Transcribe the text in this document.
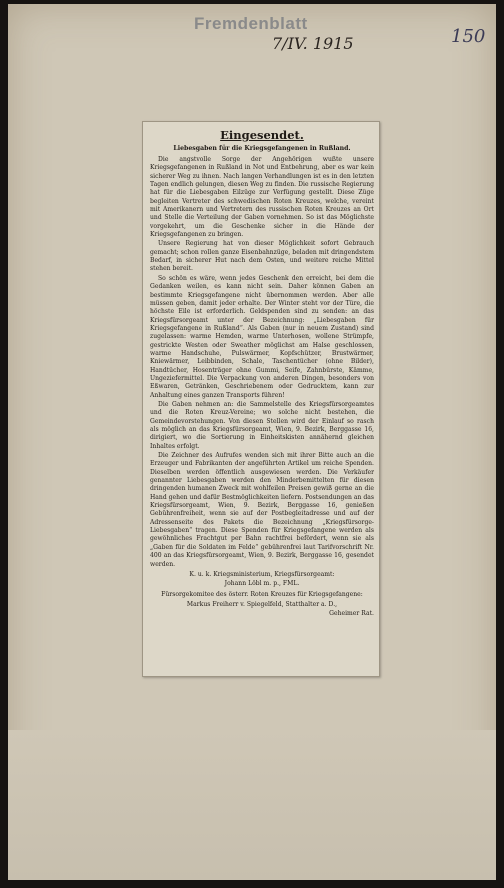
Fremdenblatt
7/IV. 1915	150
Eingesendet.
Liebesgaben für die Kriegsgefangenen in Rußland.

Die angstvolle Sorge der Angehörigen wußte unsere Kriegsgefangenen in Rußland in Not und Entbehrung, aber es war kein sicherer Weg zu ihnen. Nach langen Verhandlungen ist es in den letzten Tagen endlich gelungen, diesen Weg zu finden. Die russische Regierung hat für die Liebesgaben Eilzüge zur Verfügung gestellt. Diese Züge begleiten Vertreter des schwedischen Roten Kreuzes, welche, vereint mit Amerikanern und Vertretern des russischen Roten Kreuzes an Ort und Stelle die Verteilung der Gaben vornehmen. So ist das Möglichste vorgekehrt, um die Geschenke sicher in die Hände der Kriegsgefangenen zu bringen.

Unsere Regierung hat von dieser Möglichkeit sofort Gebrauch gemacht; schon rollen ganze Eisenbahnzüge, beladen mit dringendstem Bedarf, in sicherer Hut nach dem Osten, und weitere reiche Mittel stehen bereit.

So schön es wäre, wenn jedes Geschenk den erreicht, bei dem die Gedanken weilen, es kann nicht sein. Daher können Gaben an bestimmte Kriegsgefangene nicht übernommen werden. Aber alle müssen geben, damit jeder erhalte. Der Winter steht vor der Türe, die höchste Eile ist erforderlich. Geldspenden sind zu senden: an das Kriegsfürsorgeamt unter der Bezeichnung: „Liebesgaben für Kriegsgefangene in Rußland“. Als Gaben (nur in neuem Zustand) sind zugelassen: warme Hemden, warme Unterhosen, wollene Strümpfe, gestrickte Westen oder Sweather möglichst am Halse geschlossen, warme Handschuhe, Pulswärmer, Kopfschützer, Brustwärmer, Kniewärmer, Leibbinden, Schale, Taschentücher (ohne Bilder), Handtücher, Hosenträger ohne Gummi, Seife, Zahnbürste, Kämme, Ungeziefermittel. Die Verpackung von anderen Dingen, besonders von Eßwaren, Getränken, Geschriebenem oder Gedrucktem, kann zur Anhaltung eines ganzen Transports führen!

Die Gaben nehmen an: die Sammelstelle des Kriegsfürsorgeamtes und die Roten Kreuz-Vereine; wo solche nicht bestehen, die Gemeindevorstehungen. Von diesen Stellen wird der Einlauf so rasch als möglich an das Kriegsfürsorgeamt, Wien, 9. Bezirk, Berggasse 16, dirigiert, wo die Sortierung in Einheitskisten annähernd gleichen Inhaltes erfolgt.

Die Zeichner des Aufrufes wenden sich mit ihrer Bitte auch an die Erzeuger und Fabrikanten der angeführten Artikel um reiche Spenden. Dieselben werden öffentlich ausgewiesen werden. Die Verkäufer genannter Liebesgaben werden den Minderbemittelten für diesen dringenden humanen Zweck mit wohlfeilen Preisen gewiß gerne an die Hand gehen und dafür Bestmöglichkeiten liefern. Postsendungen an das Kriegsfürsorgeamt, Wien, 9. Bezirk, Berggasse 16, genießen Gebührenfreiheit, wenn sie auf der Postbegleitadresse und auf der Adressenseite des Pakets die Bezeichnung „Kriegsfürsorge-Liebesgaben“ tragen. Diese Spenden für Kriegsgefangene werden als gewöhnliches Frachtgut per Bahn rachtfrei befördert, wenn sie als „Gaben für die Soldaten im Felde“ gebührenfrei laut Tarifvorschrift Nr. 400 an das Kriegsfürsorgeamt, Wien, 9. Bezirk, Berggasse 16, gesendet werden.

K. u. k. Kriegsministerium, Kriegsfürsorgeamt:

Johann Löbl m. p., FML.

Fürsorgekomitee des österr. Roten Kreuzes für Kriegsgefangene:

Markus Freiherr v. Spiegelfeld, Statthalter a. D.,

Geheimer Rat.
